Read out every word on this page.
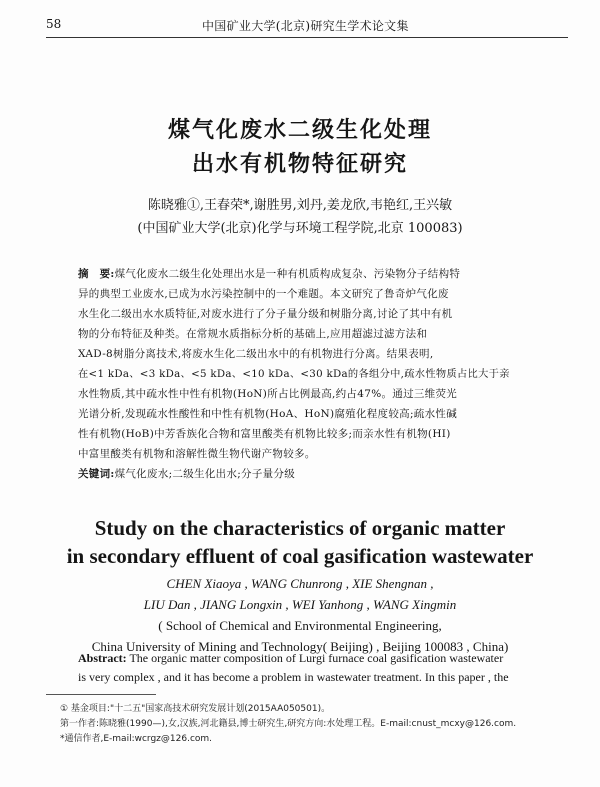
58	中国矿业大学(北京)研究生学术论文集
煤气化废水二级生化处理
出水有机物特征研究
陈晓雅①,王春荣*,谢胜男,刘丹,姜龙欣,韦艳红,王兴敏
(中国矿业大学(北京)化学与环境工程学院,北京 100083)
摘　要:煤气化废水二级生化处理出水是一种有机质构成复杂、污染物分子结构特
异的典型工业废水,已成为水污染控制中的一个难题。本文研究了鲁奇炉气化废
水生化二级出水水质特征,对废水进行了分子量分级和树脂分离,讨论了其中有机
物的分布特征及种类。在常规水质指标分析的基础上,应用超滤过滤方法和
XAD-8树脂分离技术,将废水生化二级出水中的有机物进行分离。结果表明,
在<1 kDa、<3 kDa、<5 kDa、<10 kDa、<30 kDa的各组分中,疏水性物质占比大于亲
水性物质,其中疏水性中性有机物(HoN)所占比例最高,约占47%。通过三维荧光
光谱分析,发现疏水性酸性和中性有机物(HoA、HoN)腐殖化程度较高;疏水性碱
性有机物(HoB)中芳香族化合物和富里酸类有机物比较多;而亲水性有机物(HI)
中富里酸类有机物和溶解性微生物代谢产物较多。
关键词:煤气化废水;二级生化出水;分子量分级
Study on the characteristics of organic matter
in secondary effluent of coal gasification wastewater
CHEN Xiaoya , WANG Chunrong , XIE Shengnan ,
LIU Dan , JIANG Longxin , WEI Yanhong , WANG Xingmin
( School of Chemical and Environmental Engineering,
China University of Mining and Technology( Beijing) , Beijing 100083 , China)
Abstract: The organic matter composition of Lurgi furnace coal gasification wastewater
is very complex , and it has become a problem in wastewater treatment. In this paper , the
① 基金项目:"十二五"国家高技术研究发展计划(2015AA050501)。
第一作者:陈晓雅(1990—),女,汉族,河北籍县,博士研究生,研究方向:水处理工程。E-mail:cnust_mcxy@126.com.
*通信作者,E-mail:wcrgz@126.com.
